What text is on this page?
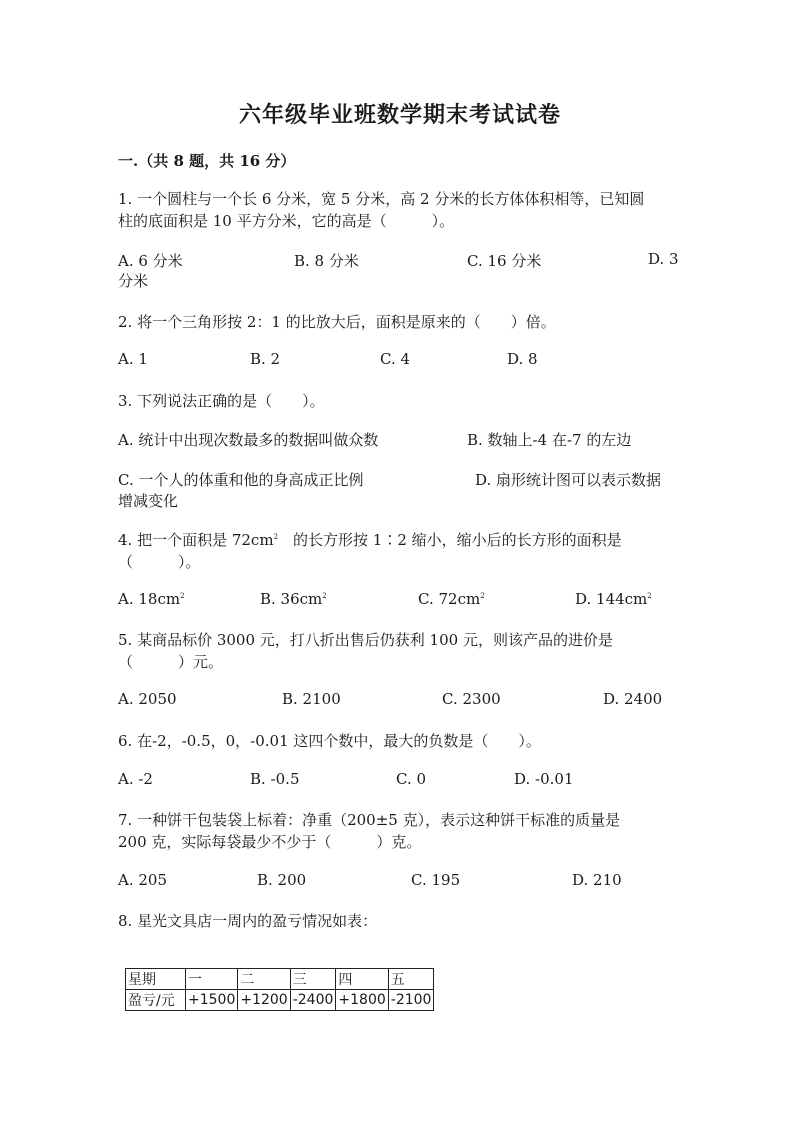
六年级毕业班数学期末考试试卷
一.（共 8 题，共 16 分）
1. 一个圆柱与一个长 6 分米，宽 5 分米，高 2 分米的长方体体积相等，已知圆
柱的底面积是 10 平方分米，它的高是（　　　）。
A. 6 分米	B. 8 分米	C. 16 分米	D. 3
分米
2. 将一个三角形按 2：1 的比放大后，面积是原来的（　　）倍。
A. 1	B. 2	C. 4	D. 8
3. 下列说法正确的是（　　）。
A. 统计中出现次数最多的数据叫做众数	B. 数轴上-4 在-7 的左边
C. 一个人的体重和他的身高成正比例	D. 扇形统计图可以表示数据
增减变化
4. 把一个面积是 $72cm^2$　的长方形按 1∶2 缩小，缩小后的长方形的面积是
（　　　）。
A. $18cm^2$	B. $36cm^2$	C. $72cm^2$	D. $144cm^2$
5. 某商品标价 3000 元，打八折出售后仍获利 100 元，则该产品的进价是
（　　　）元。
A. 2050	B. 2100	C. 2300	D. 2400
6. 在-2，-0.5，0，-0.01 这四个数中，最大的负数是（　　）。
A. -2	B. -0.5	C. 0	D. -0.01
7. 一种饼干包装袋上标着：净重（200±5 克），表示这种饼干标准的质量是
200 克，实际每袋最少不少于（　　　）克。
A. 205	B. 200	C. 195	D. 210
8. 星光文具店一周内的盈亏情况如表：
星期	一	二	三	四	五
盈亏/元	+1500	+1200	-2400	+1800	-2100
